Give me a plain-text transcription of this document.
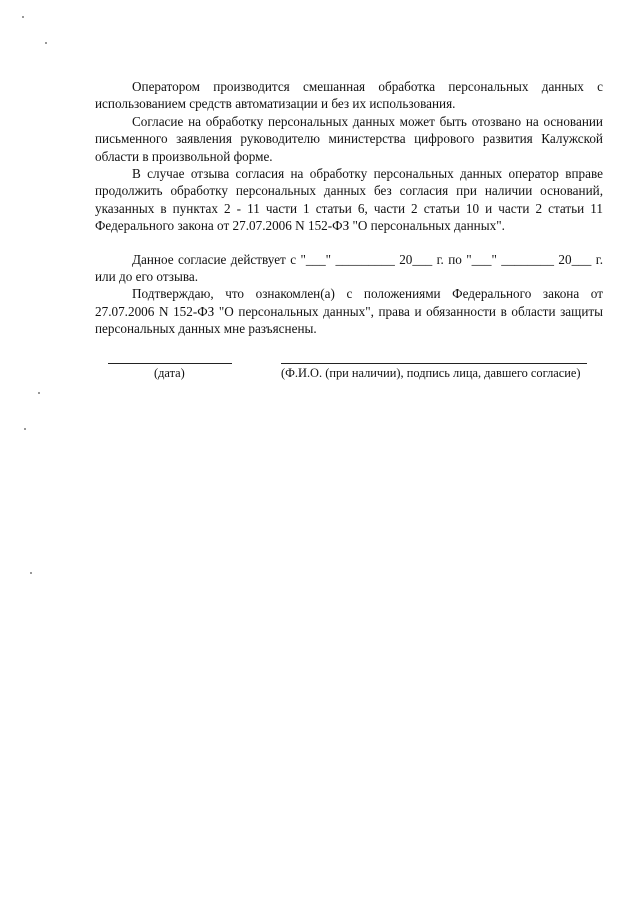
Оператором производится смешанная обработка персональных данных с использованием средств автоматизации и без их использования.

Согласие на обработку персональных данных может быть отозвано на основании письменного заявления руководителю министерства цифрового развития Калужской области в произвольной форме.

В случае отзыва согласия на обработку персональных данных оператор вправе продолжить обработку персональных данных без согласия при наличии оснований, указанных в пунктах 2 - 11 части 1 статьи 6, части 2 статьи 10 и части 2 статьи 11 Федерального закона от 27.07.2006 N 152-ФЗ "О персональных данных".

Данное согласие действует с "___" _________ 20___ г. по "___" ________ 20___ г. или до его отзыва.

Подтверждаю, что ознакомлен(а) с положениями Федерального закона от 27.07.2006 N 152-ФЗ "О персональных данных", права и обязанности в области защиты персональных данных мне разъяснены.

(дата)	(Ф.И.О. (при наличии), подпись лица, давшего согласие)
